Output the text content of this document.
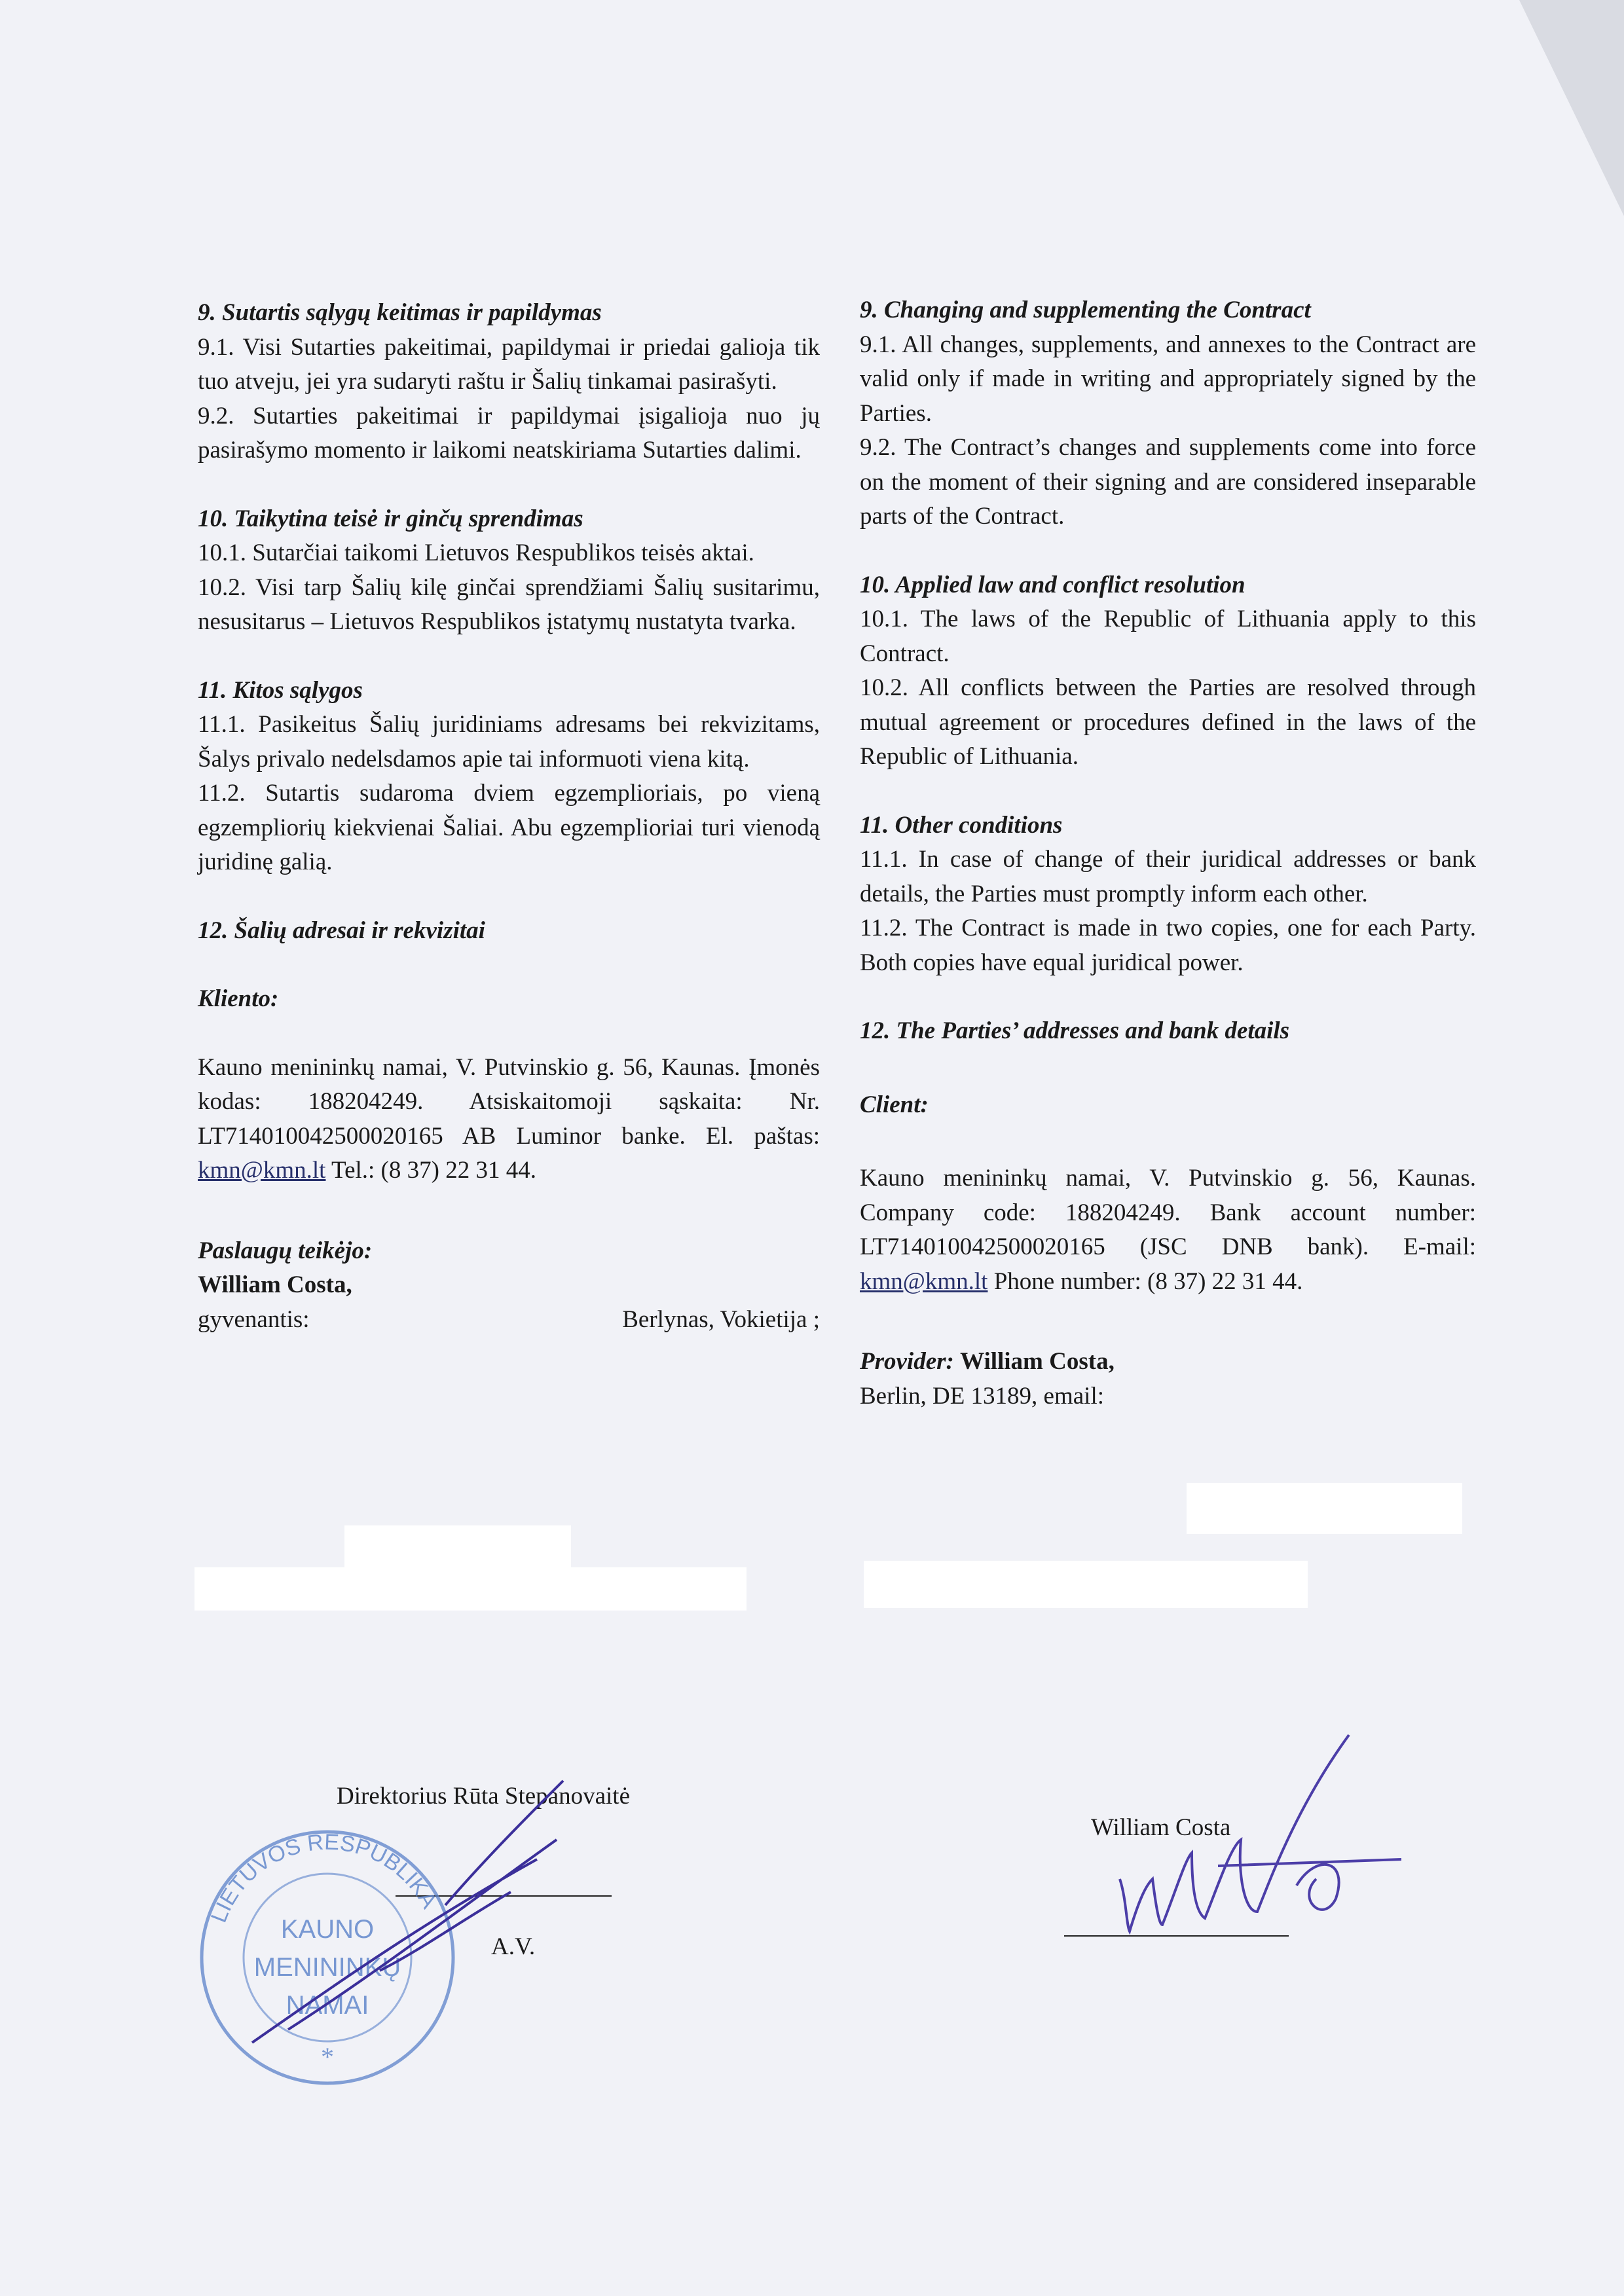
9. Sutartis sąlygų keitimas ir papildymas

9.1. Visi Sutarties pakeitimai, papildymai ir priedai galioja tik tuo atveju, jei yra sudaryti raštu ir Šalių tinkamai pasirašyti.

9.2. Sutarties pakeitimai ir papildymai įsigalioja nuo jų pasirašymo momento ir laikomi neatskiriama Sutarties dalimi.

10. Taikytina teisė ir ginčų sprendimas

10.1. Sutarčiai taikomi Lietuvos Respublikos teisės aktai.

10.2. Visi tarp Šalių kilę ginčai sprendžiami Šalių susitarimu, nesusitarus – Lietuvos Respublikos įstatymų nustatyta tvarka.

11. Kitos sąlygos

11.1. Pasikeitus Šalių juridiniams adresams bei rekvizitams, Šalys privalo nedelsdamos apie tai informuoti viena kitą.

11.2. Sutartis sudaroma dviem egzemplioriais, po vieną egzempliorių kiekvienai Šaliai. Abu egzemplioriai turi vienodą juridinę galią.

12. Šalių adresai ir rekvizitai

Kliento:

Kauno menininkų namai, V. Putvinskio g. 56, Kaunas. Įmonės kodas: 188204249. Atsiskaitomoji sąskaita: Nr. LT714010042500020165 AB Luminor banke. El. paštas: kmn@kmn.lt Tel.: (8 37) 22 31 44.

Paslaugų teikėjo:

William Costa,

gyvenantis:	Berlynas, Vokietija ;

9. Changing and supplementing the Contract

9.1. All changes, supplements, and annexes to the Contract are valid only if made in writing and appropriately signed by the Parties.

9.2. The Contract’s changes and supplements come into force on the moment of their signing and are considered inseparable parts of the Contract.

10. Applied law and conflict resolution

10.1. The laws of the Republic of Lithuania apply to this Contract.

10.2. All conflicts between the Parties are resolved through mutual agreement or procedures defined in the laws of the Republic of Lithuania.

11. Other conditions

11.1. In case of change of their juridical addresses or bank details, the Parties must promptly inform each other.

11.2. The Contract is made in two copies, one for each Party. Both copies have equal juridical power.

12. The Parties’ addresses and bank details

Client:

Kauno menininkų namai, V. Putvinskio g. 56, Kaunas. Company code: 188204249. Bank account number: LT714010042500020165 (JSC DNB bank). E-mail: kmn@kmn.lt Phone number: (8 37) 22 31 44.

Provider: William Costa,

Berlin, DE 13189, email:

Direktorius Rūta Stepanovaitė
A.V.
LIETUVOS RESPUBLIKA
KAUNO
MENININKŲ
NAMAI
*
William Costa
